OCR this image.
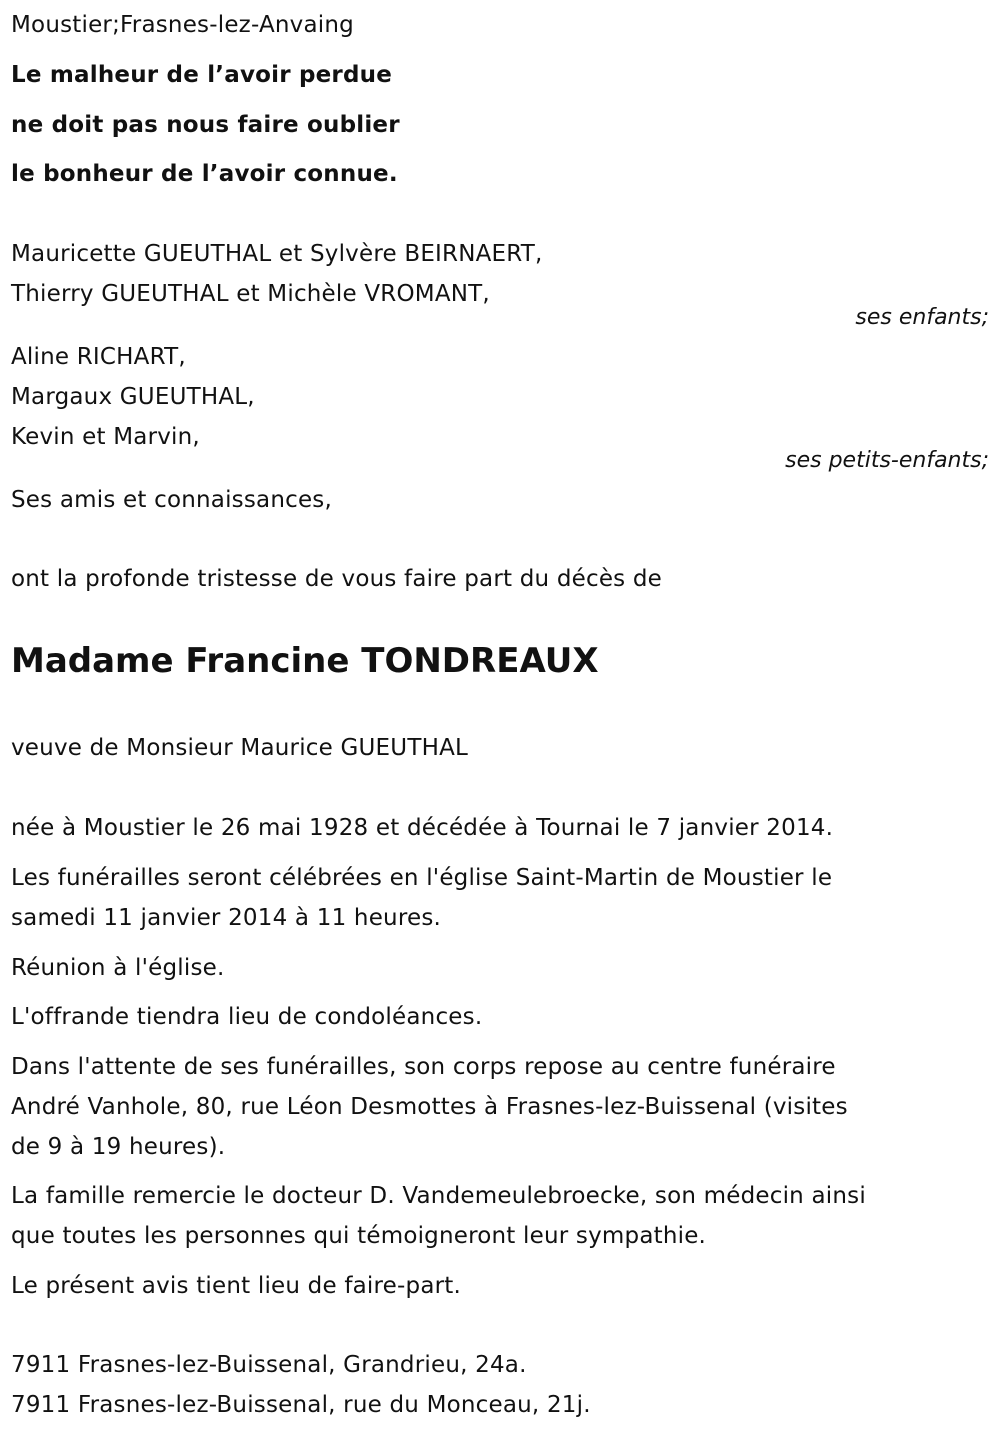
Moustier;Frasnes-lez-Anvaing
Le malheur de l’avoir perdue
ne doit pas nous faire oublier
le bonheur de l’avoir connue.
Mauricette GUEUTHAL et Sylvère BEIRNAERT,
Thierry GUEUTHAL et Michèle VROMANT,
ses enfants;
Aline RICHART,
Margaux GUEUTHAL,
Kevin et Marvin,
ses petits-enfants;
Ses amis et connaissances,
ont la profonde tristesse de vous faire part du décès de
Madame Francine TONDREAUX
veuve de Monsieur Maurice GUEUTHAL
née à Moustier le 26 mai 1928 et décédée à Tournai le 7 janvier 2014.
Les funérailles seront célébrées en l'église Saint-Martin de Moustier le
samedi 11 janvier 2014 à 11 heures.
Réunion à l'église.
L'offrande tiendra lieu de condoléances.
Dans l'attente de ses funérailles, son corps repose au centre funéraire
André Vanhole, 80, rue Léon Desmottes à Frasnes-lez-Buissenal (visites
de 9 à 19 heures).
La famille remercie le docteur D. Vandemeulebroecke, son médecin ainsi
que toutes les personnes qui témoigneront leur sympathie.
Le présent avis tient lieu de faire-part.
7911 Frasnes-lez-Buissenal, Grandrieu, 24a.
7911 Frasnes-lez-Buissenal, rue du Monceau, 21j.
